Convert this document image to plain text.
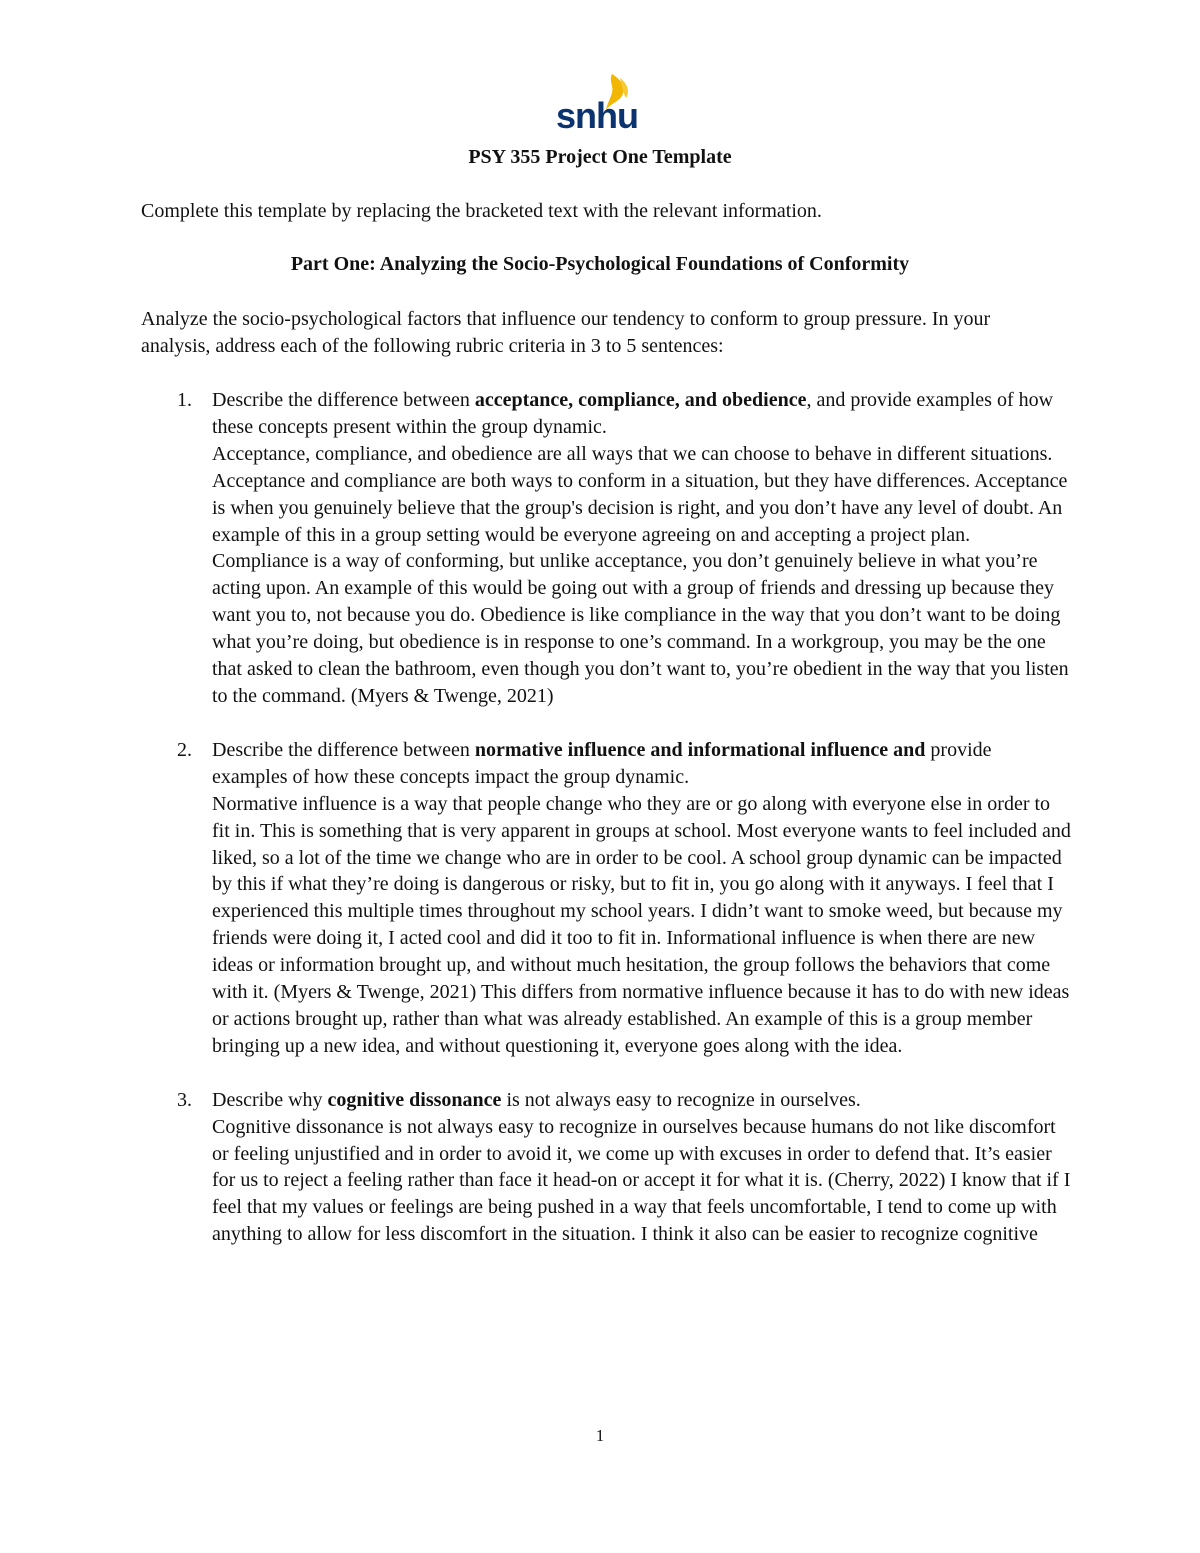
snhu
PSY 355 Project One Template
Complete this template by replacing the bracketed text with the relevant information.
Part One: Analyzing the Socio-Psychological Foundations of Conformity

Analyze the socio-psychological factors that influence our tendency to conform to group pressure. In your analysis, address each of the following rubric criteria in 3 to 5 sentences:

1. Describe the difference between acceptance, compliance, and obedience, and provide examples of how these concepts present within the group dynamic.

Acceptance, compliance, and obedience are all ways that we can choose to behave in different situations. Acceptance and compliance are both ways to conform in a situation, but they have differences. Acceptance is when you genuinely believe that the group's decision is right, and you don’t have any level of doubt. An example of this in a group setting would be everyone agreeing on and accepting a project plan. Compliance is a way of conforming, but unlike acceptance, you don’t genuinely believe in what you’re acting upon. An example of this would be going out with a group of friends and dressing up because they want you to, not because you do. Obedience is like compliance in the way that you don’t want to be doing what you’re doing, but obedience is in response to one’s command. In a workgroup, you may be the one that asked to clean the bathroom, even though you don’t want to, you’re obedient in the way that you listen to the command. (Myers & Twenge, 2021)

2. Describe the difference between normative influence and informational influence and provide examples of how these concepts impact the group dynamic.

Normative influence is a way that people change who they are or go along with everyone else in order to fit in. This is something that is very apparent in groups at school. Most everyone wants to feel included and liked, so a lot of the time we change who are in order to be cool. A school group dynamic can be impacted by this if what they’re doing is dangerous or risky, but to fit in, you go along with it anyways. I feel that I experienced this multiple times throughout my school years. I didn’t want to smoke weed, but because my friends were doing it, I acted cool and did it too to fit in. Informational influence is when there are new ideas or information brought up, and without much hesitation, the group follows the behaviors that come with it. (Myers & Twenge, 2021) This differs from normative influence because it has to do with new ideas or actions brought up, rather than what was already established. An example of this is a group member bringing up a new idea, and without questioning it, everyone goes along with the idea.

3. Describe why cognitive dissonance is not always easy to recognize in ourselves.

Cognitive dissonance is not always easy to recognize in ourselves because humans do not like discomfort or feeling unjustified and in order to avoid it, we come up with excuses in order to defend that. It’s easier for us to reject a feeling rather than face it head-on or accept it for what it is. (Cherry, 2022) I know that if I feel that my values or feelings are being pushed in a way that feels uncomfortable, I tend to come up with anything to allow for less discomfort in the situation. I think it also can be easier to recognize cognitive

1
